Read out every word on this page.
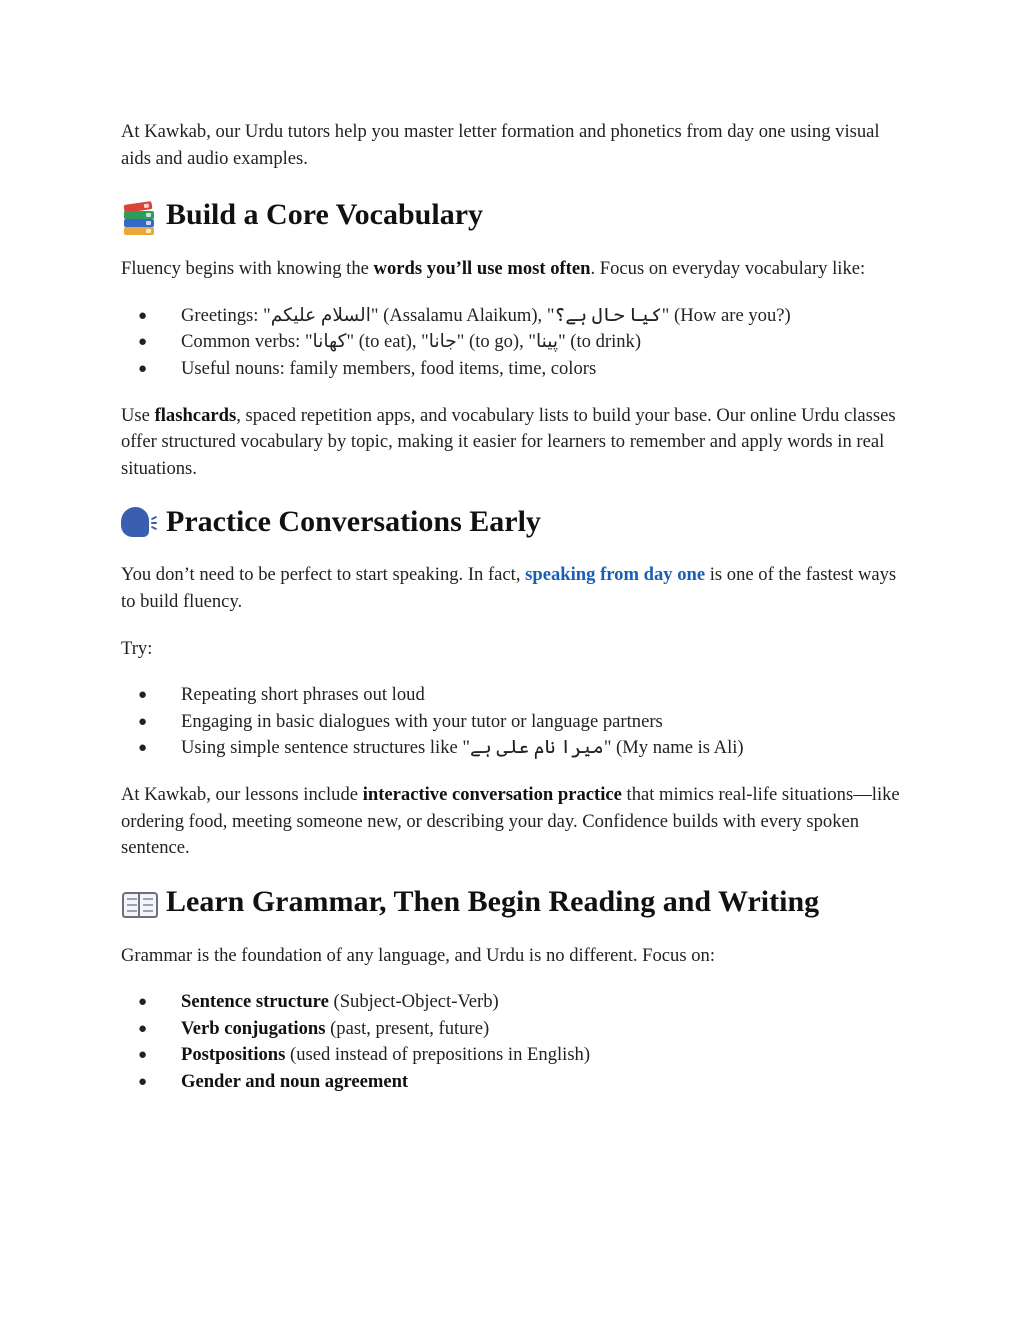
At Kawkab, our Urdu tutors help you master letter formation and phonetics from day one using visual aids and audio examples.

Build a Core Vocabulary

Fluency begins with knowing the words you’ll use most often. Focus on everyday vocabulary like:

● Greetings: "السلام علیکم" (Assalamu Alaikum), "کیا حال ہے؟" (How are you?)
● Common verbs: "کھانا" (to eat), "جانا" (to go), "پینا" (to drink)
● Useful nouns: family members, food items, time, colors

Use flashcards, spaced repetition apps, and vocabulary lists to build your base. Our online Urdu classes offer structured vocabulary by topic, making it easier for learners to remember and apply words in real situations.

Practice Conversations Early

You don’t need to be perfect to start speaking. In fact, speaking from day one is one of the fastest ways to build fluency.

Try:

● Repeating short phrases out loud
● Engaging in basic dialogues with your tutor or language partners
● Using simple sentence structures like "میرا نام علی ہے" (My name is Ali)

At Kawkab, our lessons include interactive conversation practice that mimics real-life situations—like ordering food, meeting someone new, or describing your day. Confidence builds with every spoken sentence.

Learn Grammar, Then Begin Reading and Writing

Grammar is the foundation of any language, and Urdu is no different. Focus on:

● Sentence structure (Subject-Object-Verb)
● Verb conjugations (past, present, future)
● Postpositions (used instead of prepositions in English)
● Gender and noun agreement
